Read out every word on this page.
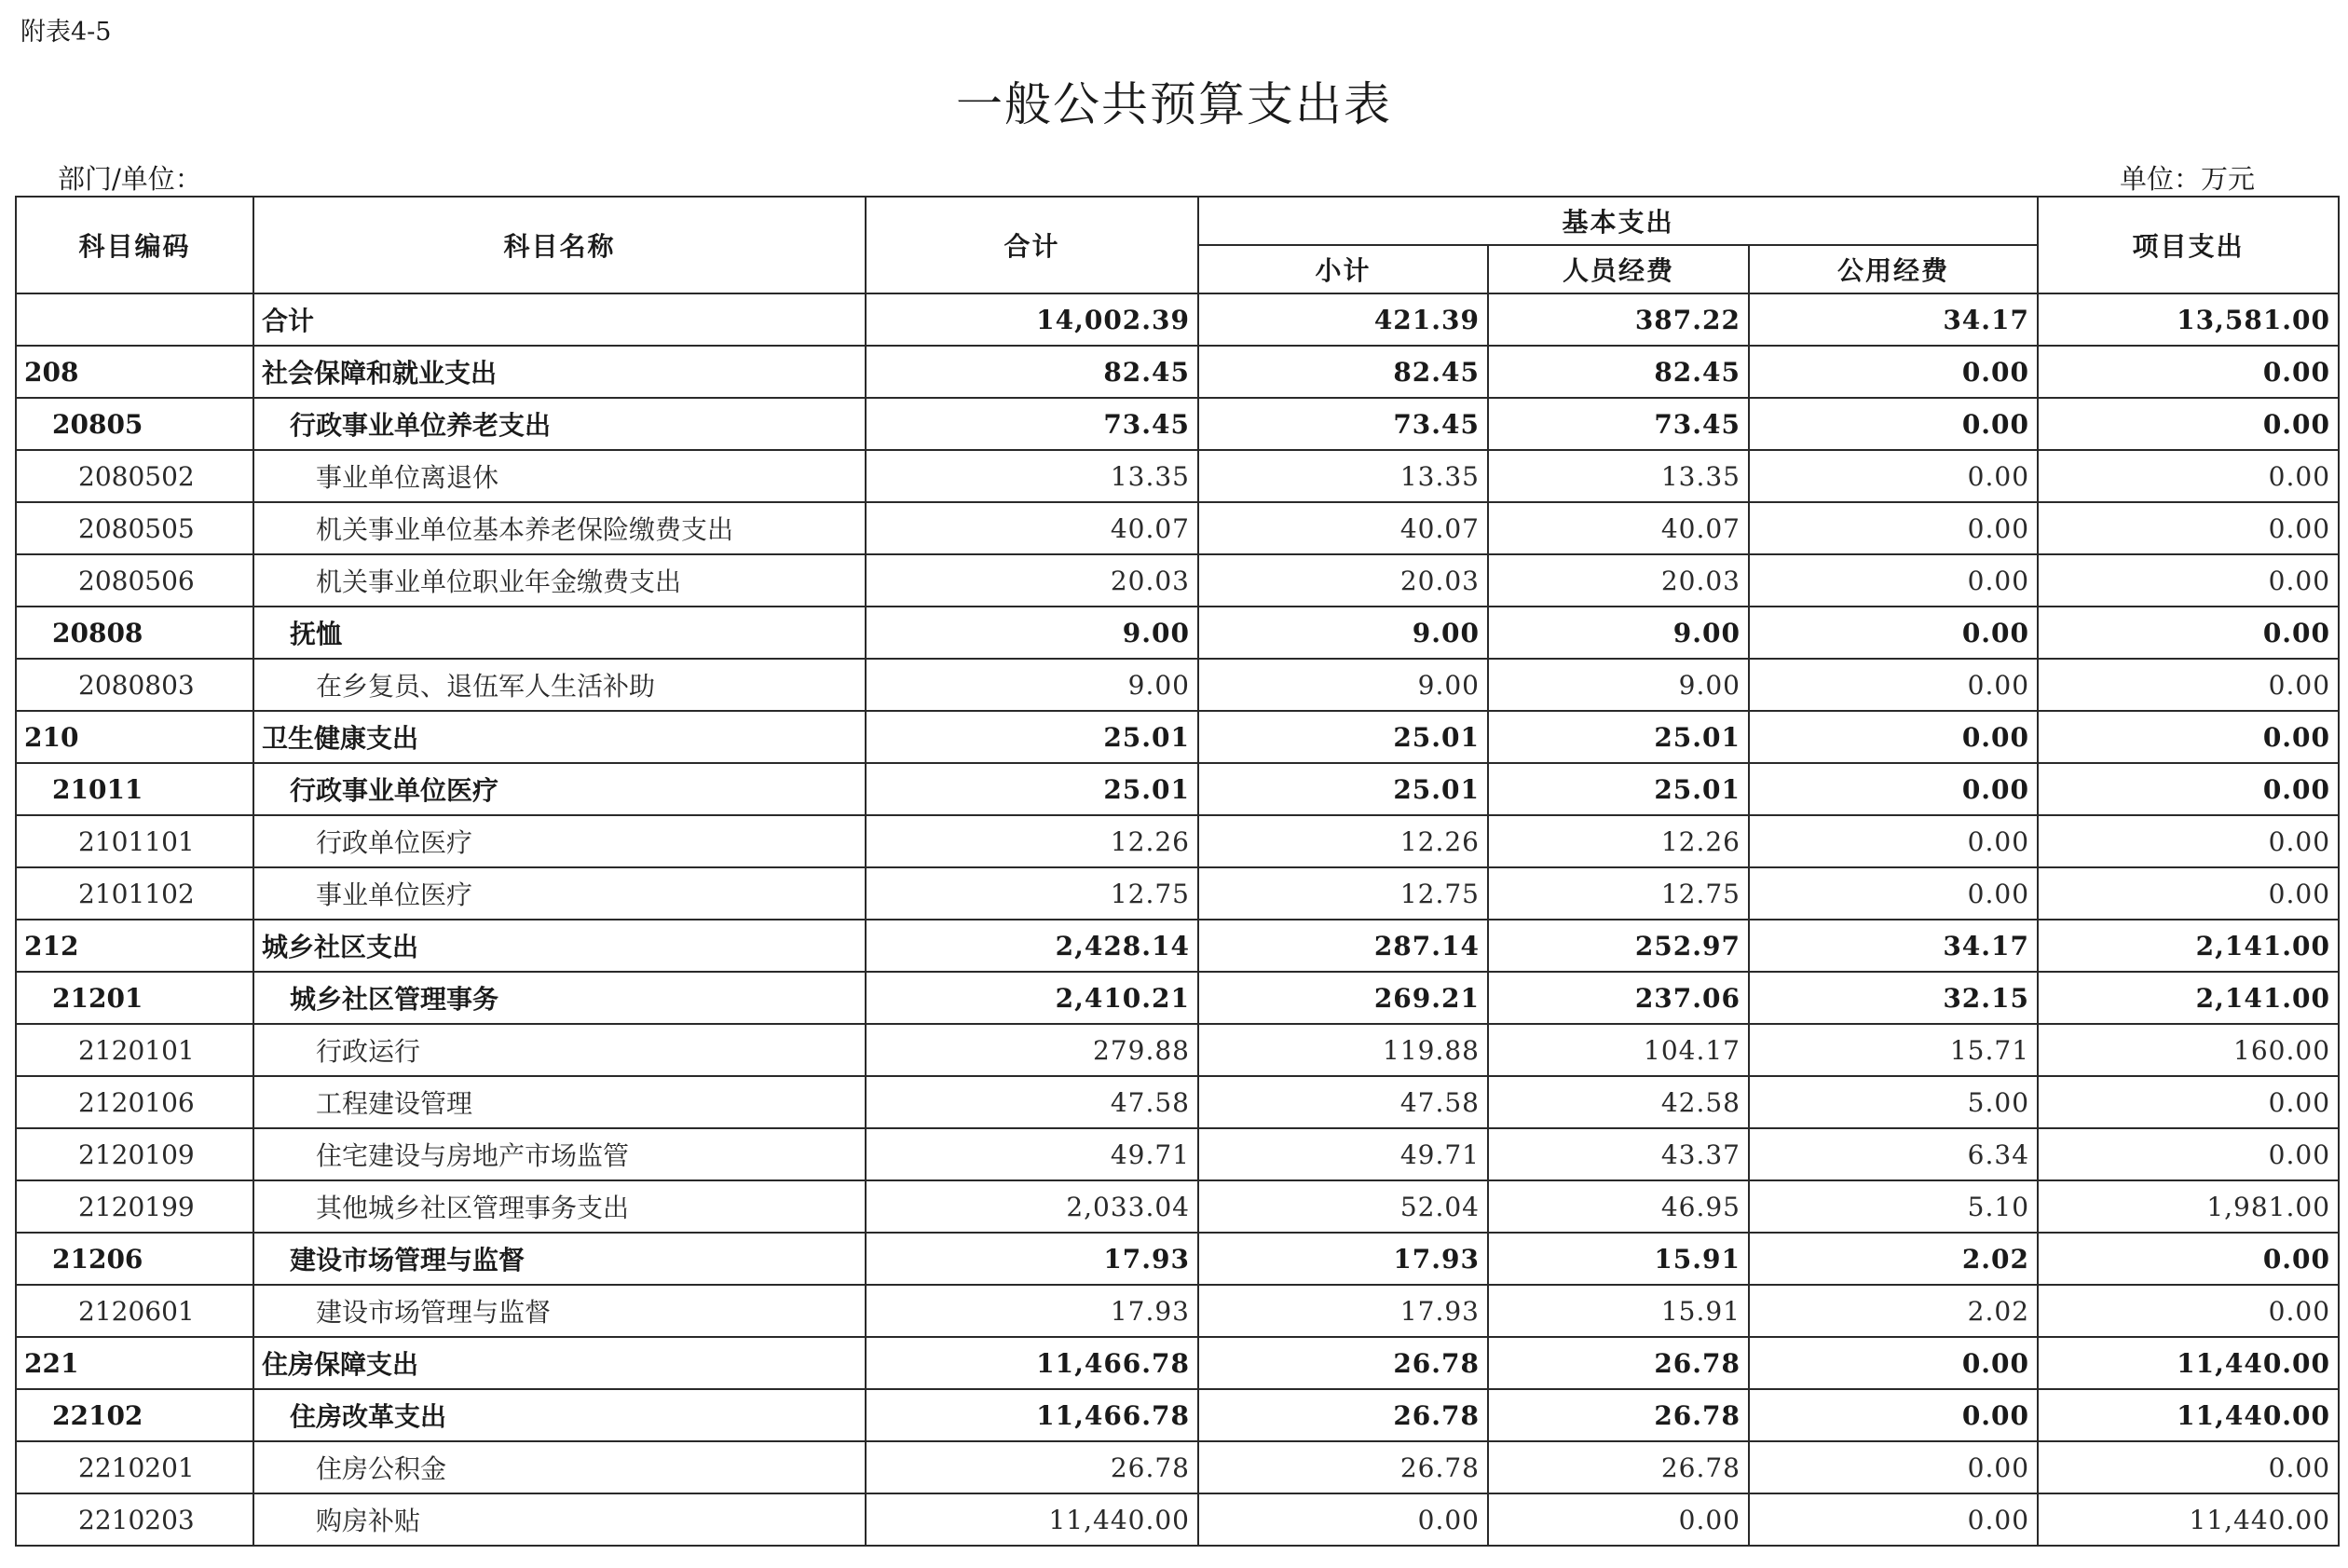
附表4-5
一般公共预算支出表
部门/单位：	单位：万元
科目编码	科目名称	合计	基本支出			项目支出
			小计	人员经费	公用经费	
	合计	14,002.39	421.39	387.22	34.17	13,581.00
208	社会保障和就业支出	82.45	82.45	82.45	0.00	0.00
20805	行政事业单位养老支出	73.45	73.45	73.45	0.00	0.00
2080502	事业单位离退休	13.35	13.35	13.35	0.00	0.00
2080505	机关事业单位基本养老保险缴费支出	40.07	40.07	40.07	0.00	0.00
2080506	机关事业单位职业年金缴费支出	20.03	20.03	20.03	0.00	0.00
20808	抚恤	9.00	9.00	9.00	0.00	0.00
2080803	在乡复员、退伍军人生活补助	9.00	9.00	9.00	0.00	0.00
210	卫生健康支出	25.01	25.01	25.01	0.00	0.00
21011	行政事业单位医疗	25.01	25.01	25.01	0.00	0.00
2101101	行政单位医疗	12.26	12.26	12.26	0.00	0.00
2101102	事业单位医疗	12.75	12.75	12.75	0.00	0.00
212	城乡社区支出	2,428.14	287.14	252.97	34.17	2,141.00
21201	城乡社区管理事务	2,410.21	269.21	237.06	32.15	2,141.00
2120101	行政运行	279.88	119.88	104.17	15.71	160.00
2120106	工程建设管理	47.58	47.58	42.58	5.00	0.00
2120109	住宅建设与房地产市场监管	49.71	49.71	43.37	6.34	0.00
2120199	其他城乡社区管理事务支出	2,033.04	52.04	46.95	5.10	1,981.00
21206	建设市场管理与监督	17.93	17.93	15.91	2.02	0.00
2120601	建设市场管理与监督	17.93	17.93	15.91	2.02	0.00
221	住房保障支出	11,466.78	26.78	26.78	0.00	11,440.00
22102	住房改革支出	11,466.78	26.78	26.78	0.00	11,440.00
2210201	住房公积金	26.78	26.78	26.78	0.00	0.00
2210203	购房补贴	11,440.00	0.00	0.00	0.00	11,440.00
